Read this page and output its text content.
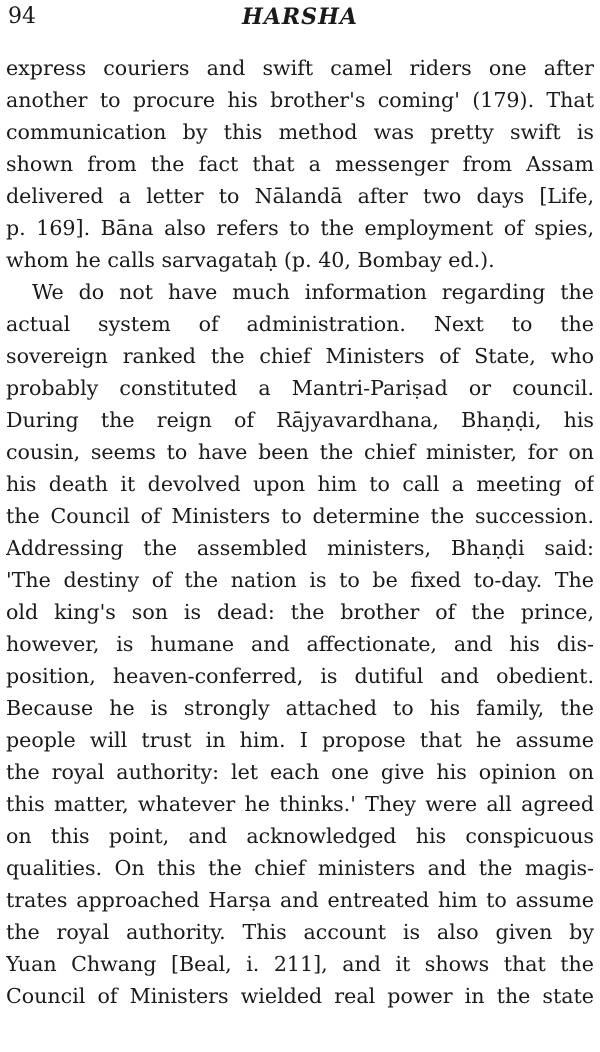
94	HARSHA
express couriers and swift camel riders one after
another to procure his brother's coming' (179). That
communication by this method was pretty swift is
shown from the fact that a messenger from Assam
delivered a letter to Nālandā after two days [Life,
p. 169]. Bāna also refers to the employment of spies,
whom he calls sarvagataḥ (p. 40, Bombay ed.).
We do not have much information regarding the
actual system of administration. Next to the
sovereign ranked the chief Ministers of State, who
probably constituted a Mantri-Pariṣad or council.
During the reign of Rājyavardhana, Bhaṇḍi, his
cousin, seems to have been the chief minister, for on
his death it devolved upon him to call a meeting of
the Council of Ministers to determine the succession.
Addressing the assembled ministers, Bhaṇḍi said:
'The destiny of the nation is to be fixed to-day. The
old king's son is dead: the brother of the prince,
however, is humane and affectionate, and his dis-
position, heaven-conferred, is dutiful and obedient.
Because he is strongly attached to his family, the
people will trust in him. I propose that he assume
the royal authority: let each one give his opinion on
this matter, whatever he thinks.' They were all agreed
on this point, and acknowledged his conspicuous
qualities. On this the chief ministers and the magis-
trates approached Harṣa and entreated him to assume
the royal authority. This account is also given by
Yuan Chwang [Beal, i. 211], and it shows that the
Council of Ministers wielded real power in the state
